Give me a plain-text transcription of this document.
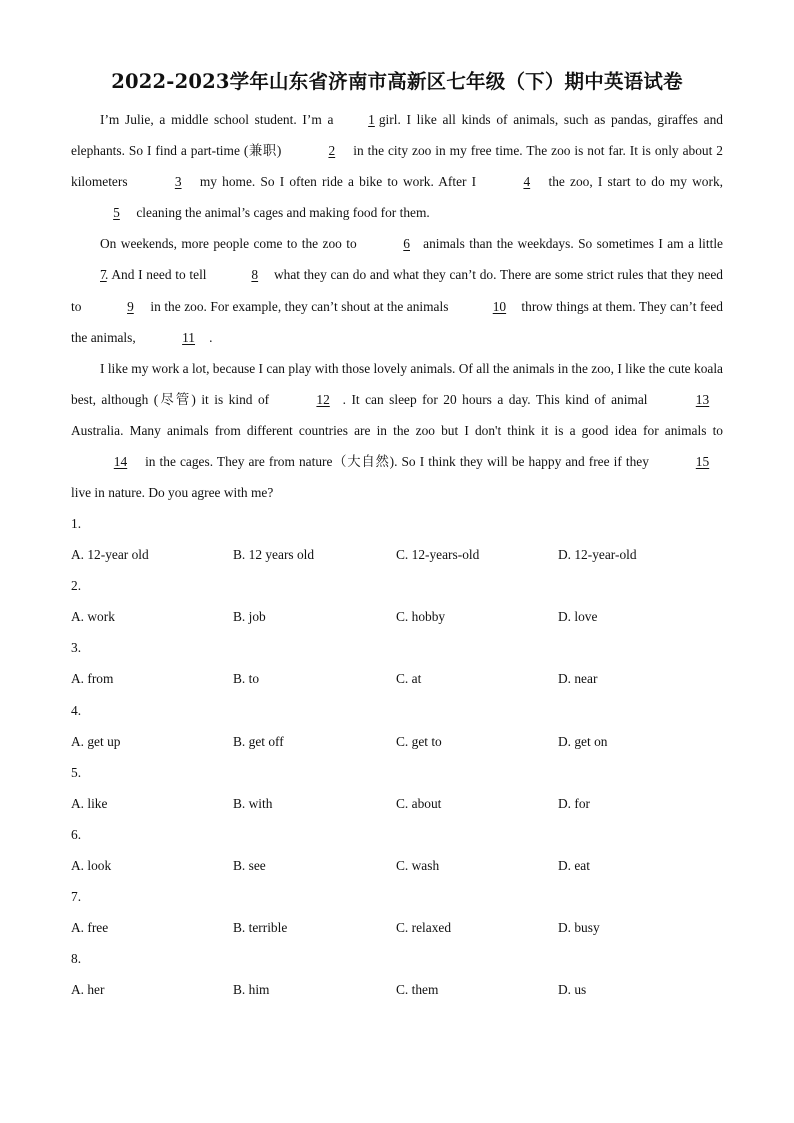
2022-2023学年山东省济南市高新区七年级（下）期中英语试卷

I’m Julie, a middle school student. I’m a 1 girl. I like all kinds of animals, such as pandas, giraffes and elephants. So I find a part-time (兼职)	2 in the city zoo in my free time. The zoo is not far. It is only about 2 kilometers	3 my home. So I often ride a bike to work. After I	4 the zoo, I start to do my work, 5 cleaning the animal’s cages and making food for them.

On weekends, more people come to the zoo to	6 animals than the weekdays. So sometimes I am a little 7. And I need to tell	8 what they can do and what they can’t do. There are some strict rules that they need to	9 in the zoo. For example, they can’t shout at the animals	10 throw things at them. They can’t feed the animals,	11 .

I like my work a lot, because I can play with those lovely animals. Of all the animals in the zoo, I like the cute koala best, although (尽管) it is kind of	12 . It can sleep for 20 hours a day. This kind of animal	13 Australia. Many animals from different countries are in the zoo but I don't think it is a good idea for animals to 14 in the cages. They are from nature（大自然). So I think they will be happy and free if they	15 live in nature. Do you agree with me?

1.
A. 12-year old	B. 12 years old	C. 12-years-old	D. 12-year-old
2.
A. work	B. job	C. hobby	D. love
3.
A. from	B. to	C. at	D. near
4.
A. get up	B. get off	C. get to	D. get on
5.
A. like	B. with	C. about	D. for
6.
A. look	B. see	C. wash	D. eat
7.
A. free	B. terrible	C. relaxed	D. busy
8.
A. her	B. him	C. them	D. us
